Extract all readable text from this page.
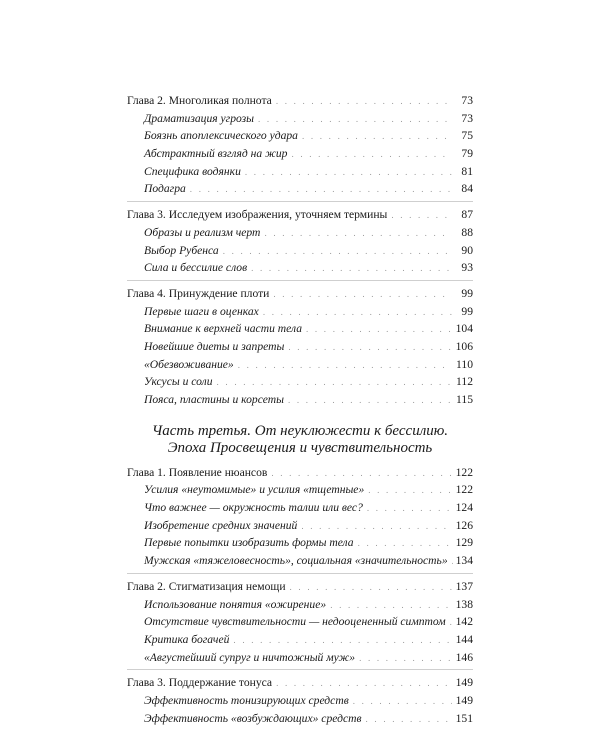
Глава 2. Многоликая полнота . . .	73
Драматизация угрозы . . .	73
Боязнь апоплексического удара . . .	75
Абстрактный взгляд на жир . . .	79
Специфика водянки . . .	81
Подагра . . .	84
Глава 3. Исследуем изображения, уточняем термины . . .	87
Образы и реализм черт . . .	88
Выбор Рубенса . . .	90
Сила и бессилие слов . . .	93
Глава 4. Принуждение плоти . . .	99
Первые шаги в оценках . . .	99
Внимание к верхней части тела . . .	104
Новейшие диеты и запреты . . .	106
«Обезвоживание» . . .	110
Уксусы и соли . . .	112
Пояса, пластины и корсеты . . .	115
Часть третья. От неуклюжести к бессилию.
Эпоха Просвещения и чувствительность
Глава 1. Появление нюансов . . .	122
Усилия «неутомимые» и усилия «тщетные» . . .	122
Что важнее — окружность талии или вес? . . .	124
Изобретение средних значений . . .	126
Первые попытки изобразить формы тела . . .	129
Мужская «тяжеловесность», социальная «значительность» . . . 134
Глава 2. Стигматизация немощи . . .	137
Использование понятия «ожирение» . . .	138
Отсутствие чувствительности — недооцененный симптом . . . 142
Критика богачей . . .	144
«Августейший супруг и ничтожный муж» . . .	146
Глава 3. Поддержание тонуса . . .	149
Эффективность тонизирующих средств . . .	149
Эффективность «возбуждающих» средств . . .	151
